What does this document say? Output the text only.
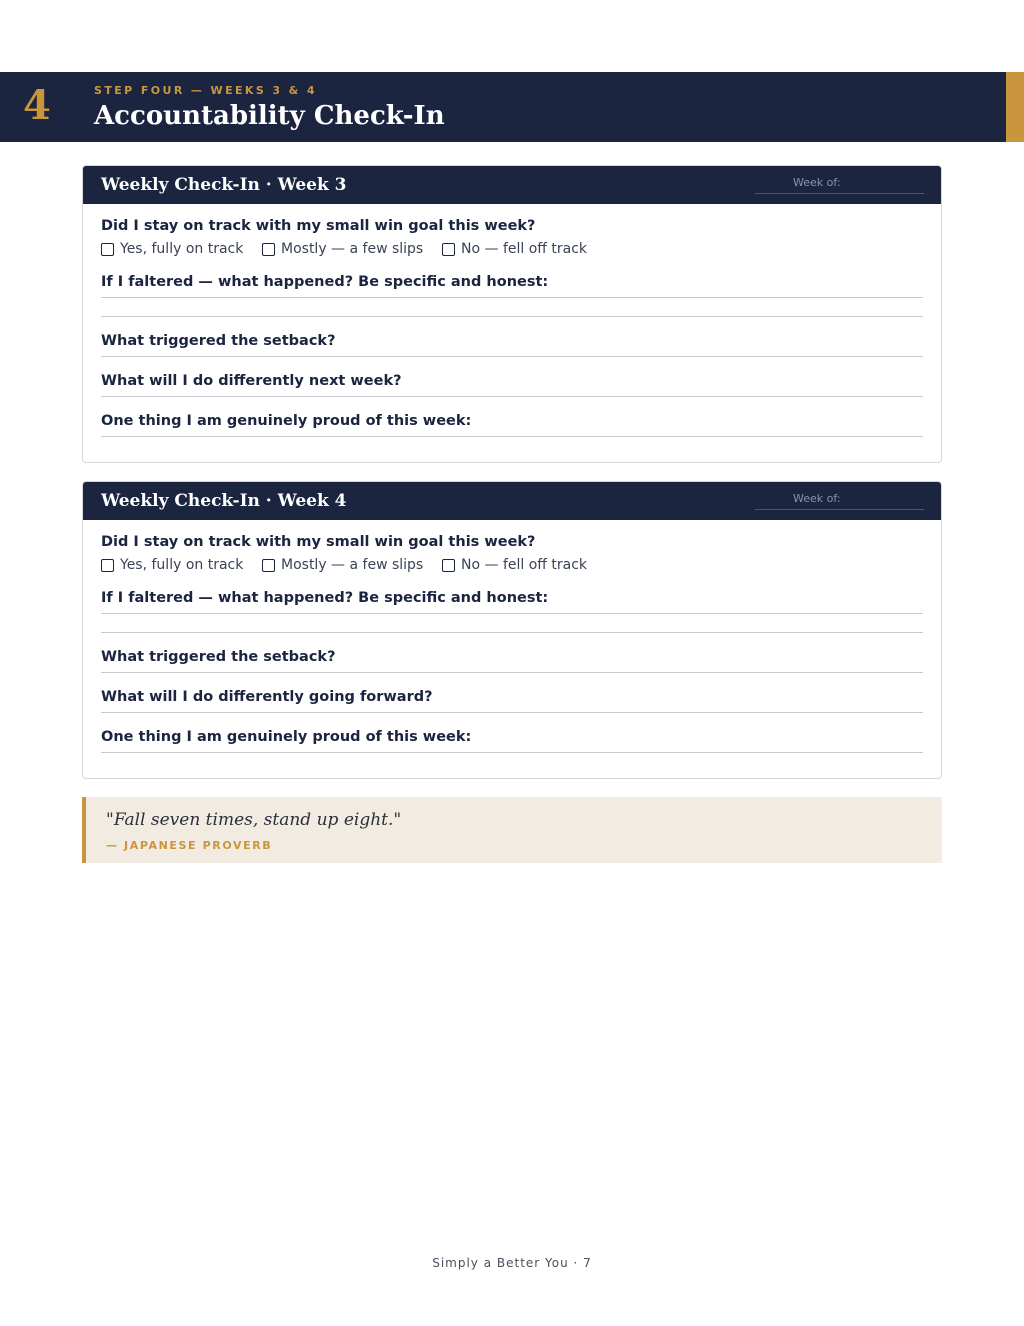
4	STEP FOUR — WEEKS 3 & 4
Accountability Check-In
Weekly Check-In · Week 3	Week of:
Did I stay on track with my small win goal this week?
Yes, fully on track	Mostly — a few slips	No — fell off track
If I faltered — what happened? Be specific and honest:
What triggered the setback?
What will I do differently next week?
One thing I am genuinely proud of this week:
Weekly Check-In · Week 4	Week of:
Did I stay on track with my small win goal this week?
Yes, fully on track	Mostly — a few slips	No — fell off track
If I faltered — what happened? Be specific and honest:
What triggered the setback?
What will I do differently going forward?
One thing I am genuinely proud of this week:
"Fall seven times, stand up eight."
— JAPANESE PROVERB
Simply a Better You · 7
